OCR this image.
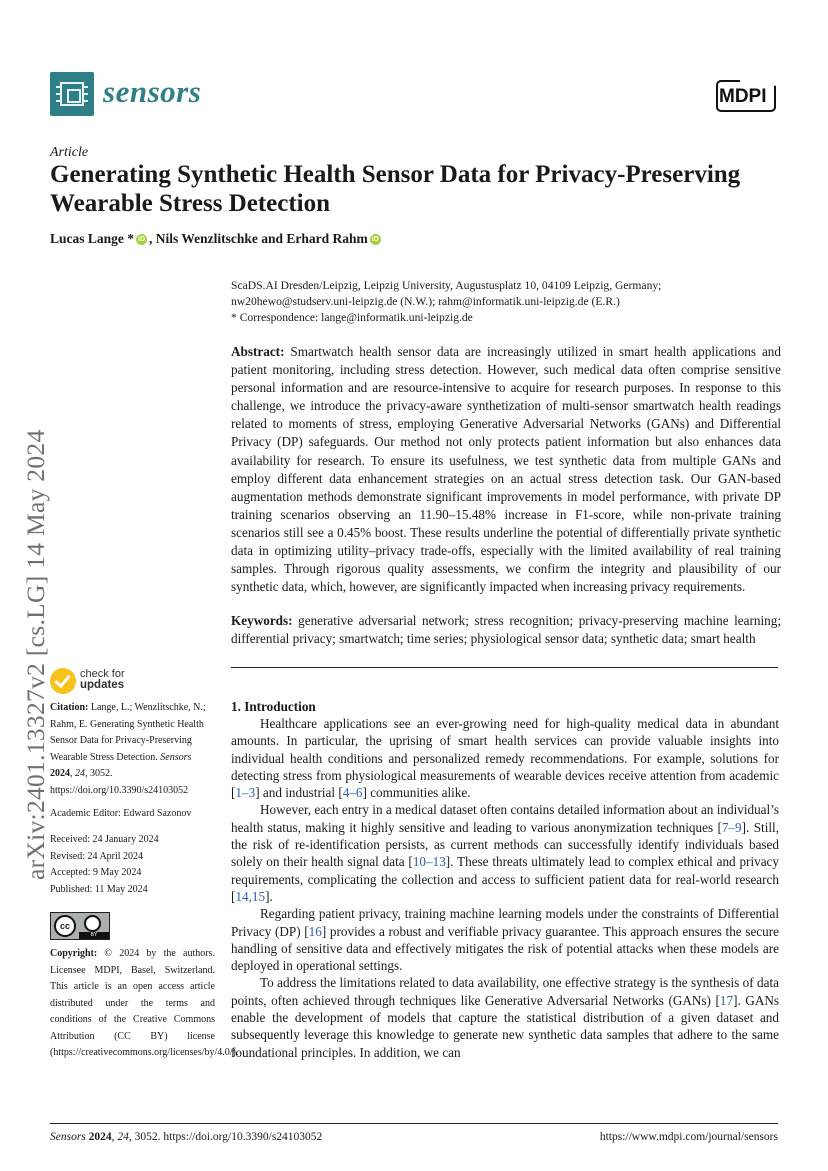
sensors	MDPI
Article
Generating Synthetic Health Sensor Data for Privacy-Preserving Wearable Stress Detection
Lucas Lange * iD , Nils Wenzlitschke and Erhard Rahm iD
ScaDS.AI Dresden/Leipzig, Leipzig University, Augustusplatz 10, 04109 Leipzig, Germany;
nw20hewo@studserv.uni-leipzig.de (N.W.); rahm@informatik.uni-leipzig.de (E.R.)
* Correspondence: lange@informatik.uni-leipzig.de
Abstract: Smartwatch health sensor data are increasingly utilized in smart health applications and patient monitoring, including stress detection. However, such medical data often comprise sensitive personal information and are resource-intensive to acquire for research purposes. In response to this challenge, we introduce the privacy-aware synthetization of multi-sensor smartwatch health readings related to moments of stress, employing Generative Adversarial Networks (GANs) and Differential Privacy (DP) safeguards. Our method not only protects patient information but also enhances data availability for research. To ensure its usefulness, we test synthetic data from multiple GANs and employ different data enhancement strategies on an actual stress detection task. Our GAN-based augmentation methods demonstrate significant improvements in model performance, with private DP training scenarios observing an 11.90–15.48% increase in F1-score, while non-private training scenarios still see a 0.45% boost. These results underline the potential of differentially private synthetic data in optimizing utility–privacy trade-offs, especially with the limited availability of real training samples. Through rigorous quality assessments, we confirm the integrity and plausibility of our synthetic data, which, however, are significantly impacted when increasing privacy requirements.
Keywords: generative adversarial network; stress recognition; privacy-preserving machine learning; differential privacy; smartwatch; time series; physiological sensor data; synthetic data; smart health
arXiv:2401.13327v2 [cs.LG] 14 May 2024	check for
updates
Citation: Lange, L.; Wenzlitschke, N.; Rahm, E. Generating Synthetic Health Sensor Data for Privacy-Preserving Wearable Stress Detection. Sensors 2024, 24, 3052. https://doi.org/10.3390/s24103052
Academic Editor: Edward Sazonov
Received: 24 January 2024
Revised: 24 April 2024
Accepted: 9 May 2024
Published: 11 May 2024
cc
BY
Copyright: © 2024 by the authors. Licensee MDPI, Basel, Switzerland. This article is an open access article distributed under the terms and conditions of the Creative Commons Attribution (CC BY) license (https://creativecommons.org/licenses/by/4.0/).
1. Introduction

Healthcare applications see an ever-growing need for high-quality medical data in abundant amounts. In particular, the uprising of smart health services can provide valuable insights into individual health conditions and personalized remedy recommendations. For example, solutions for detecting stress from physiological measurements of wearable devices receive attention from academic [1–3] and industrial [4–6] communities alike.

However, each entry in a medical dataset often contains detailed information about an individual’s health status, making it highly sensitive and leading to various anonymization techniques [7–9]. Still, the risk of re-identification persists, as current methods can successfully identify individuals based solely on their health signal data [10–13]. These threats ultimately lead to complex ethical and privacy requirements, complicating the collection and access to sufficient patient data for real-world research [14,15].

Regarding patient privacy, training machine learning models under the constraints of Differential Privacy (DP) [16] provides a robust and verifiable privacy guarantee. This approach ensures the secure handling of sensitive data and effectively mitigates the risk of potential attacks when these models are deployed in operational settings.

To address the limitations related to data availability, one effective strategy is the synthesis of data points, often achieved through techniques like Generative Adversarial Networks (GANs) [17]. GANs enable the development of models that capture the statistical distribution of a given dataset and subsequently leverage this knowledge to generate new synthetic data samples that adhere to the same foundational principles. In addition, we can

Sensors 2024, 24, 3052. https://doi.org/10.3390/s24103052	https://www.mdpi.com/journal/sensors
